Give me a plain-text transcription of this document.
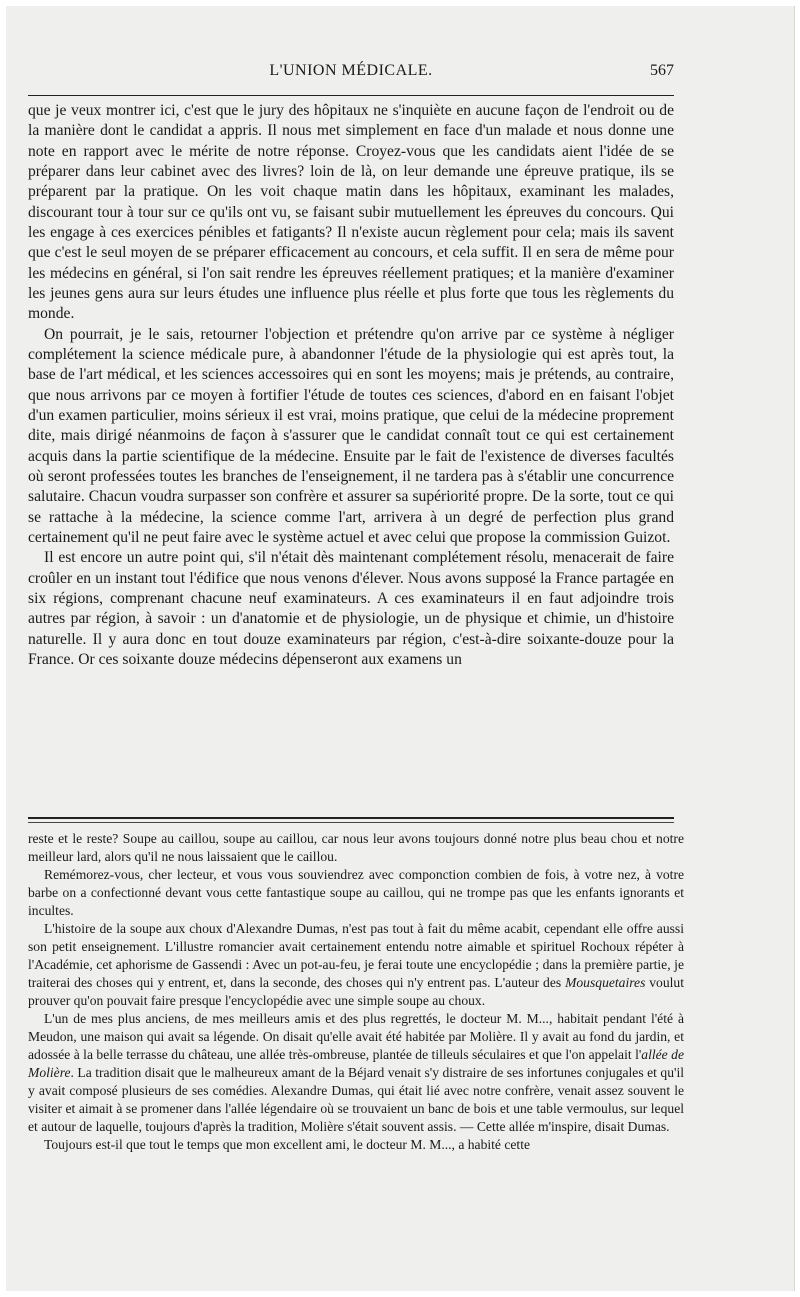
L'UNION MÉDICALE.	567

que je veux montrer ici, c'est que le jury des hôpitaux ne s'inquiète en aucune façon de l'endroit ou de la manière dont le candidat a appris. Il nous met simplement en face d'un malade et nous donne une note en rapport avec le mérite de notre réponse. Croyez-vous que les candidats aient l'idée de se préparer dans leur cabinet avec des livres? loin de là, on leur demande une épreuve pratique, ils se préparent par la pratique. On les voit chaque matin dans les hôpitaux, examinant les malades, discourant tour à tour sur ce qu'ils ont vu, se faisant subir mutuellement les épreuves du concours. Qui les engage à ces exercices pénibles et fatigants? Il n'existe aucun règlement pour cela; mais ils savent que c'est le seul moyen de se préparer efficacement au concours, et cela suffit. Il en sera de même pour les médecins en général, si l'on sait rendre les épreuves réellement pratiques; et la manière d'examiner les jeunes gens aura sur leurs études une influence plus réelle et plus forte que tous les règlements du monde.

On pourrait, je le sais, retourner l'objection et prétendre qu'on arrive par ce système à négliger complétement la science médicale pure, à abandonner l'étude de la physiologie qui est après tout, la base de l'art médical, et les sciences accessoires qui en sont les moyens; mais je prétends, au contraire, que nous arrivons par ce moyen à fortifier l'étude de toutes ces sciences, d'abord en en faisant l'objet d'un examen particulier, moins sérieux il est vrai, moins pratique, que celui de la médecine proprement dite, mais dirigé néanmoins de façon à s'assurer que le candidat connaît tout ce qui est certainement acquis dans la partie scientifique de la médecine. Ensuite par le fait de l'existence de diverses facultés où seront professées toutes les branches de l'enseignement, il ne tardera pas à s'établir une concurrence salutaire. Chacun voudra surpasser son confrère et assurer sa supériorité propre. De la sorte, tout ce qui se rattache à la médecine, la science comme l'art, arrivera à un degré de perfection plus grand certainement qu'il ne peut faire avec le système actuel et avec celui que propose la commission Guizot.

Il est encore un autre point qui, s'il n'était dès maintenant complétement résolu, menacerait de faire croûler en un instant tout l'édifice que nous venons d'élever. Nous avons supposé la France partagée en six régions, comprenant chacune neuf examinateurs. A ces examinateurs il en faut adjoindre trois autres par région, à savoir : un d'anatomie et de physiologie, un de physique et chimie, un d'histoire naturelle. Il y aura donc en tout douze examinateurs par région, c'est-à-dire soixante-douze pour la France. Or ces soixante douze médecins dépenseront aux examens un

reste et le reste? Soupe au caillou, soupe au caillou, car nous leur avons toujours donné notre plus beau chou et notre meilleur lard, alors qu'il ne nous laissaient que le caillou.

Remémorez-vous, cher lecteur, et vous vous souviendrez avec componction combien de fois, à votre nez, à votre barbe on a confectionné devant vous cette fantastique soupe au caillou, qui ne trompe pas que les enfants ignorants et incultes.

L'histoire de la soupe aux choux d'Alexandre Dumas, n'est pas tout à fait du même acabit, cependant elle offre aussi son petit enseignement. L'illustre romancier avait certainement entendu notre aimable et spirituel Rochoux répéter à l'Académie, cet aphorisme de Gassendi : Avec un pot-au-feu, je ferai toute une encyclopédie ; dans la première partie, je traiterai des choses qui y entrent, et, dans la seconde, des choses qui n'y entrent pas. L'auteur des Mousquetaires voulut prouver qu'on pouvait faire presque l'encyclopédie avec une simple soupe au choux.

L'un de mes plus anciens, de mes meilleurs amis et des plus regrettés, le docteur M. M..., habitait pendant l'été à Meudon, une maison qui avait sa légende. On disait qu'elle avait été habitée par Molière. Il y avait au fond du jardin, et adossée à la belle terrasse du château, une allée très-ombreuse, plantée de tilleuls séculaires et que l'on appelait l'allée de Molière. La tradition disait que le malheureux amant de la Béjard venait s'y distraire de ses infortunes conjugales et qu'il y avait composé plusieurs de ses comédies. Alexandre Dumas, qui était lié avec notre confrère, venait assez souvent le visiter et aimait à se promener dans l'allée légendaire où se trouvaient un banc de bois et une table vermoulus, sur lequel et autour de laquelle, toujours d'après la tradition, Molière s'était souvent assis. — Cette allée m'inspire, disait Dumas.

Toujours est-il que tout le temps que mon excellent ami, le docteur M. M..., a habité cette
